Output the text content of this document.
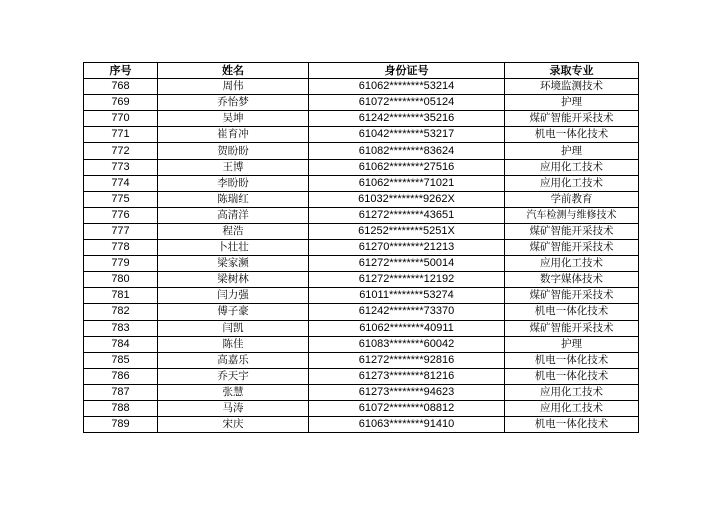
序号	姓名	身份证号	录取专业
768	周伟	61062********53214	环境监测技术
769	乔怡梦	61072********05124	护理
770	吴坤	61242********35216	煤矿智能开采技术
771	崔育冲	61042********53217	机电一体化技术
772	贺盼盼	61082********83624	护理
773	王博	61062********27516	应用化工技术
774	李盼盼	61062********71021	应用化工技术
775	陈瑞红	61032********9262X	学前教育
776	高清洋	61272********43651	汽车检测与维修技术
777	程浩	61252********5251X	煤矿智能开采技术
778	卜壮壮	61270********21213	煤矿智能开采技术
779	梁家濒	61272********50014	应用化工技术
780	梁树林	61272********12192	数字媒体技术
781	闫力强	61011********53274	煤矿智能开采技术
782	傅子豪	61242********73370	机电一体化技术
783	闫凯	61062********40911	煤矿智能开采技术
784	陈佳	61083********60042	护理
785	高嘉乐	61272********92816	机电一体化技术
786	乔天宇	61273********81216	机电一体化技术
787	张慧	61273********94623	应用化工技术
788	马涛	61072********08812	应用化工技术
789	宋庆	61063********91410	机电一体化技术
